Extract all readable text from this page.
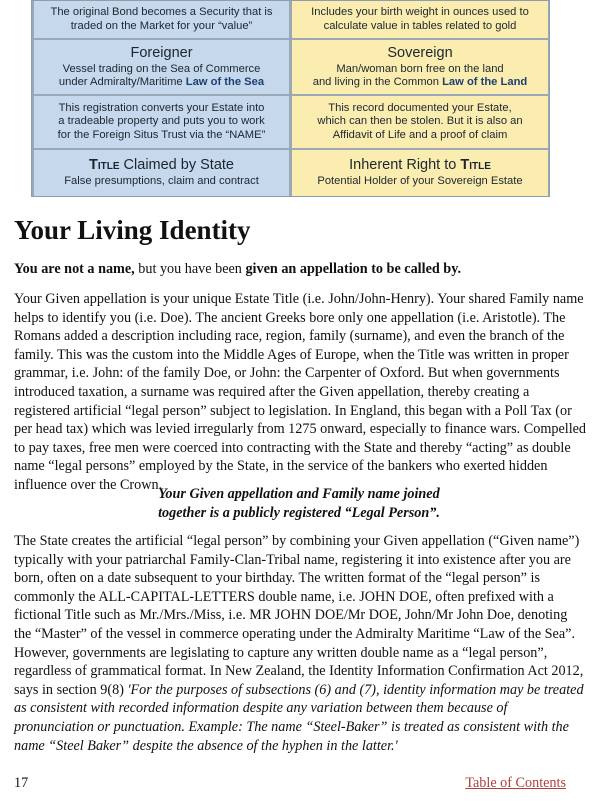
The original Bond becomes a Security that is
traded on the Market for your “value”
Includes your birth weight in ounces used to
calculate value in tables related to gold
Foreigner
Vessel trading on the Sea of Commerce
under Admiralty/Maritime Law of the Sea
Sovereign
Man/woman born free on the land
and living in the Common Law of the Land
This registration converts your Estate into
a tradeable property and puts you to work
for the Foreign Situs Trust via the “NAME”
This record documented your Estate,
which can then be stolen. But it is also an
Affidavit of Life and a proof of claim
Title Claimed by State
False presumptions, claim and contract
Inherent Right to Title
Potential Holder of your Sovereign Estate
Your Living Identity

You are not a name, but you have been given an appellation to be called by.

Your Given appellation is your unique Estate Title (i.e. John/John-Henry). Your shared Family name helps to identify you (i.e. Doe). The ancient Greeks bore only one appellation (i.e. Aristotle). The Romans added a description including race, region, family (surname), and even the branch of the family. This was the custom into the Middle Ages of Europe, when the Title was written in proper grammar, i.e. John: of the family Doe, or John: the Carpenter of Oxford. But when governments introduced taxation, a surname was required after the Given appellation, thereby creating a registered artificial “legal person” subject to legislation. In England, this began with a Poll Tax (or per head tax) which was levied irregularly from 1275 onward, especially to finance wars. Compelled to pay taxes, free men were coerced into contracting with the State and thereby “acting” as double name “legal persons” employed by the State, in the service of the bankers who exerted hidden influence over the Crown.

Your Given appellation and Family name joined
together is a publicly registered “Legal Person”.

The State creates the artificial “legal person” by combining your Given appellation (“Given name”) typically with your patriarchal Family-Clan-Tribal name, registering it into existence after you are born, often on a date subsequent to your birthday. The written format of the “legal person” is commonly the ALL-CAPITAL-LETTERS double name, i.e. JOHN DOE, often prefixed with a fictional Title such as Mr./Mrs./Miss, i.e. MR JOHN DOE/Mr DOE, John/Mr John Doe, denoting the “Master” of the vessel in commerce operating under the Admiralty Maritime “Law of the Sea”. However, governments are legislating to capture any written double name as a “legal person”, regardless of grammatical format. In New Zealand, the Identity Information Confirmation Act 2012, says in section 9(8) 'For the purposes of subsections (6) and (7), identity information may be treated as consistent with recorded information despite any variation between them because of pronunciation or punctuation. Example: The name “Steel-Baker” is treated as consistent with the name “Steel Baker” despite the absence of the hyphen in the latter.'

17	Table of Contents
